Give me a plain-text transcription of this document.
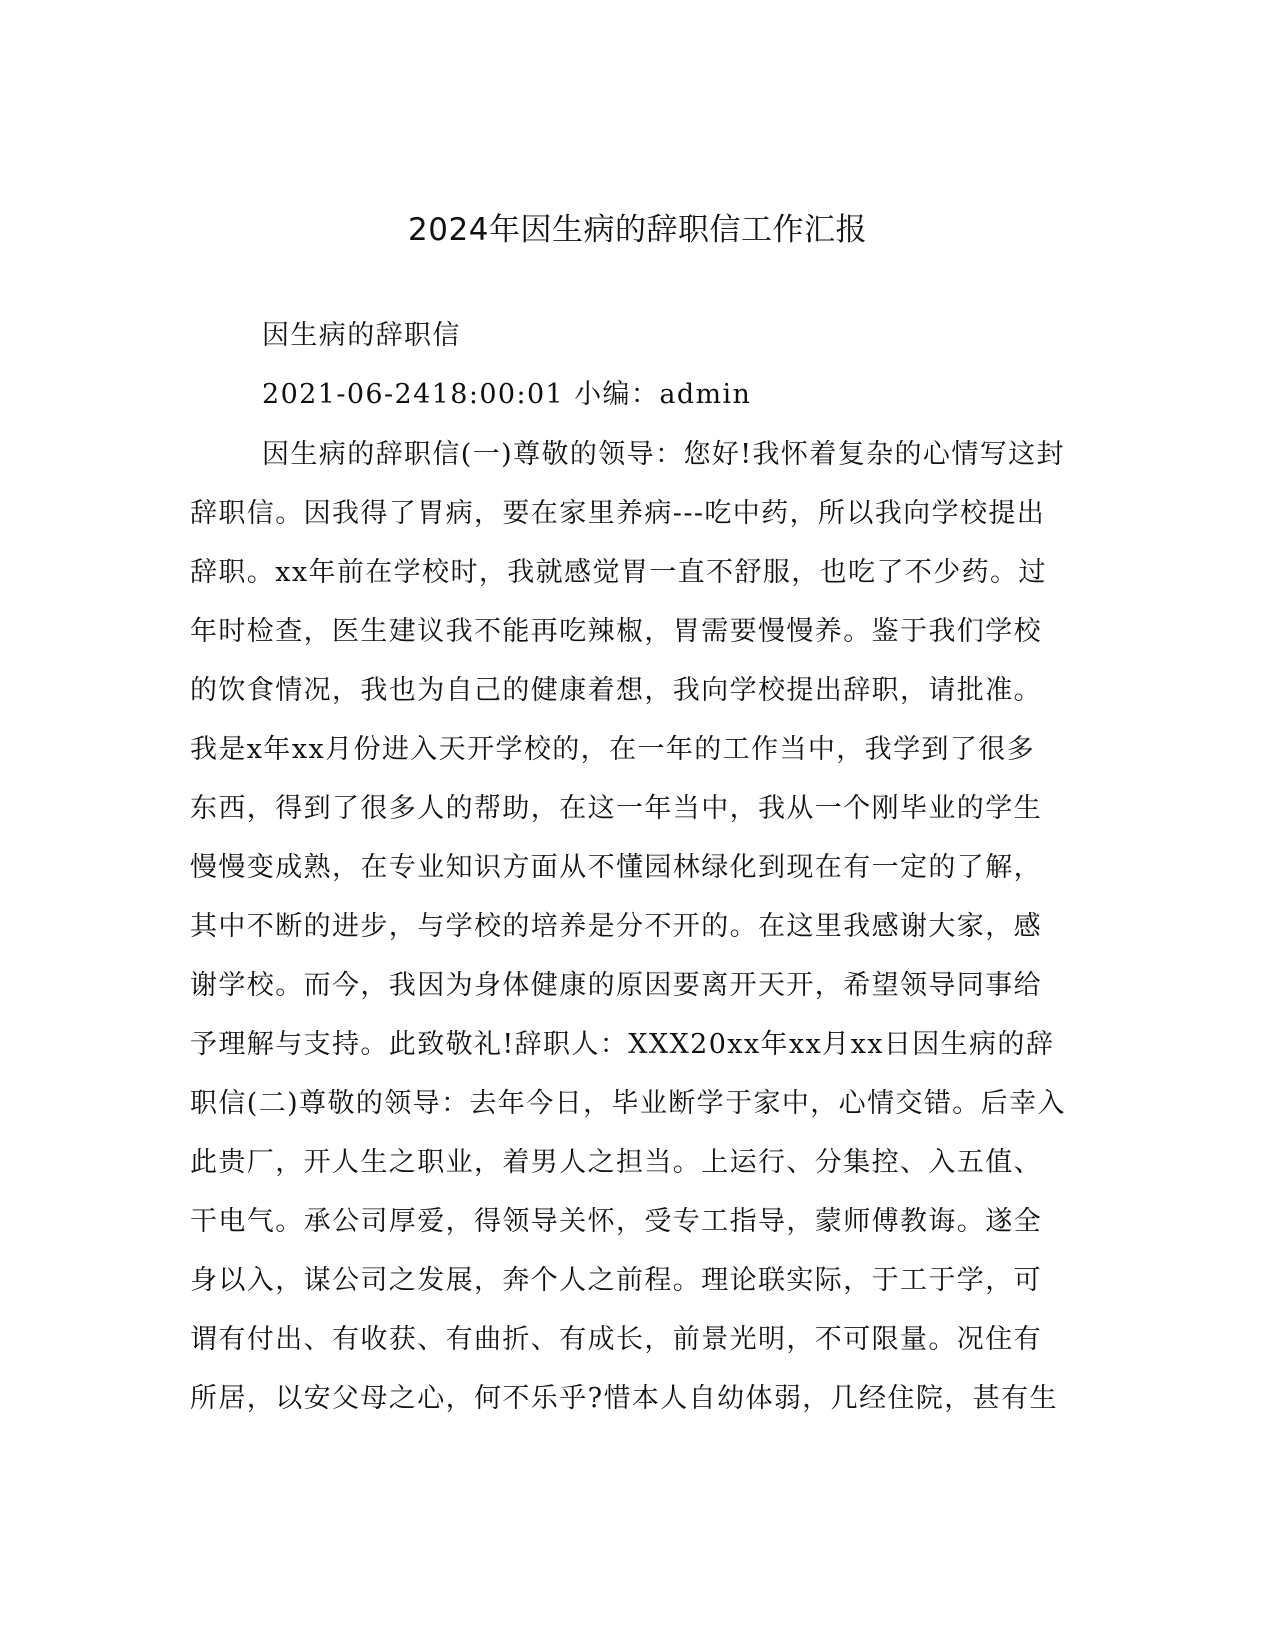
2024年因生病的辞职信工作汇报
因生病的辞职信
2021-06-2418:00:01 小编：admin
因生病的辞职信(一)尊敬的领导：您好!我怀着复杂的心情写这封
辞职信。因我得了胃病，要在家里养病---吃中药，所以我向学校提出
辞职。xx年前在学校时，我就感觉胃一直不舒服，也吃了不少药。过
年时检查，医生建议我不能再吃辣椒，胃需要慢慢养。鉴于我们学校
的饮食情况，我也为自己的健康着想，我向学校提出辞职，请批准。
我是x年xx月份进入天开学校的，在一年的工作当中，我学到了很多
东西，得到了很多人的帮助，在这一年当中，我从一个刚毕业的学生
慢慢变成熟，在专业知识方面从不懂园林绿化到现在有一定的了解，
其中不断的进步，与学校的培养是分不开的。在这里我感谢大家，感
谢学校。而今，我因为身体健康的原因要离开天开，希望领导同事给
予理解与支持。此致敬礼!辞职人：XXX20xx年xx月xx日因生病的辞
职信(二)尊敬的领导：去年今日，毕业断学于家中，心情交错。后幸入
此贵厂，开人生之职业，着男人之担当。上运行、分集控、入五值、
干电气。承公司厚爱，得领导关怀，受专工指导，蒙师傅教诲。遂全
身以入，谋公司之发展，奔个人之前程。理论联实际，于工于学，可
谓有付出、有收获、有曲折、有成长，前景光明，不可限量。况住有
所居，以安父母之心，何不乐乎?惜本人自幼体弱，几经住院，甚有生
